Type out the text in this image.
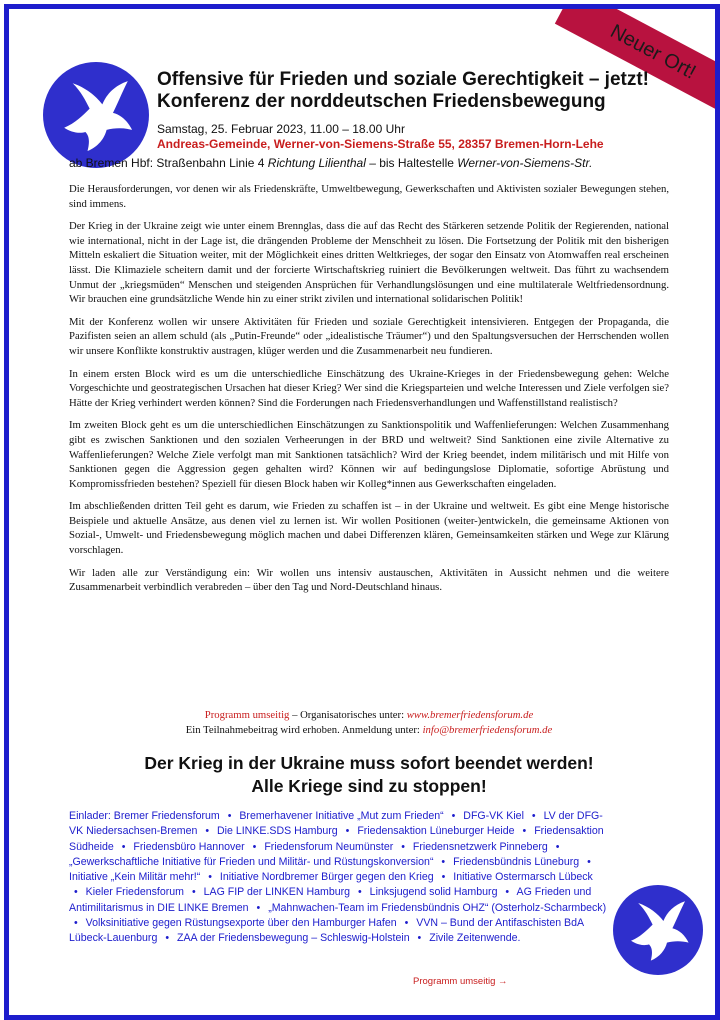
Neuer Ort!
Offensive für Frieden und soziale Gerechtigkeit – jetzt!
Konferenz der norddeutschen Friedensbewegung
Samstag, 25. Februar 2023, 11.00 – 18.00 Uhr
Andreas-Gemeinde, Werner-von-Siemens-Straße 55, 28357 Bremen-Horn-Lehe
ab Bremen Hbf: Straßenbahn Linie 4 Richtung Lilienthal – bis Haltestelle Werner-von-Siemens-Str.

Die Herausforderungen, vor denen wir als Friedenskräfte, Umweltbewegung, Gewerkschaften und Aktivisten sozialer Bewegungen stehen, sind immens.

Der Krieg in der Ukraine zeigt wie unter einem Brennglas, dass die auf das Recht des Stärkeren setzende Politik der Regierenden, national wie international, nicht in der Lage ist, die drängenden Probleme der Menschheit zu lösen. Die Fortsetzung der Politik mit den bisherigen Mitteln eskaliert die Situation weiter, mit der Möglichkeit eines dritten Weltkrieges, der sogar den Einsatz von Atomwaffen real erscheinen lässt. Die Klimaziele scheitern damit und der forcierte Wirtschaftskrieg ruiniert die Bevölkerungen weltweit. Das führt zu wachsendem Unmut der „kriegsmüden“ Menschen und steigenden Ansprüchen für Verhandlungslösungen und eine multilaterale Weltfriedensordnung. Wir brauchen eine grundsätzliche Wende hin zu einer strikt zivilen und international solidarischen Politik!

Mit der Konferenz wollen wir unsere Aktivitäten für Frieden und soziale Gerechtigkeit intensivieren. Entgegen der Propaganda, die Pazifisten seien an allem schuld (als „Putin-Freunde“ oder „idealistische Träumer“) und den Spaltungsversuchen der Herrschenden wollen wir unsere Konflikte konstruktiv austragen, klüger werden und die Zusammenarbeit neu fundieren.

In einem ersten Block wird es um die unterschiedliche Einschätzung des Ukraine-Krieges in der Friedensbewegung gehen: Welche Vorgeschichte und geostrategischen Ursachen hat dieser Krieg? Wer sind die Kriegsparteien und welche Interessen und Ziele verfolgen sie? Hätte der Krieg verhindert werden können? Sind die Forderungen nach Friedensverhandlungen und Waffenstillstand realistisch?

Im zweiten Block geht es um die unterschiedlichen Einschätzungen zu Sanktionspolitik und Waffenlieferungen: Welchen Zusammenhang gibt es zwischen Sanktionen und den sozialen Verheerungen in der BRD und weltweit? Sind Sanktionen eine zivile Alternative zu Waffenlieferungen? Welche Ziele verfolgt man mit Sanktionen tatsächlich? Wird der Krieg beendet, indem militärisch und mit Hilfe von Sanktionen gegen die Aggression gegen gehalten wird? Können wir auf bedingungslose Diplomatie, sofortige Abrüstung und Kompromissfrieden bestehen? Speziell für diesen Block haben wir Kolleg*innen aus Gewerkschaften eingeladen.

Im abschließenden dritten Teil geht es darum, wie Frieden zu schaffen ist – in der Ukraine und weltweit. Es gibt eine Menge historische Beispiele und aktuelle Ansätze, aus denen viel zu lernen ist. Wir wollen Positionen (weiter-)entwickeln, die gemeinsame Aktionen von Sozial-, Umwelt- und Friedensbewegung möglich machen und dabei Differenzen klären, Gemeinsamkeiten stärken und Wege zur Klärung vorschlagen.

Wir laden alle zur Verständigung ein: Wir wollen uns intensiv austauschen, Aktivitäten in Aussicht nehmen und die weitere Zusammenarbeit verbindlich verabreden – über den Tag und Nord-Deutschland hinaus.

Programm umseitig – Organisatorisches unter: www.bremerfriedensforum.de
Ein Teilnahmebeitrag wird erhoben. Anmeldung unter: info@bremerfriedensforum.de
Der Krieg in der Ukraine muss sofort beendet werden!
Alle Kriege sind zu stoppen!
Einlader: Bremer Friedensforum • Bremerhavener Initiative „Mut zum Frieden“ • DFG-VK Kiel • LV der DFG-VK Niedersachsen-Bremen • Die LINKE.SDS Hamburg • Friedensaktion Lüneburger Heide • Friedensaktion Südheide • Friedensbüro Hannover • Friedensforum Neumünster • Friedensnetzwerk Pinneberg • „Gewerkschaftliche Initiative für Frieden und Militär- und Rüstungskonversion“ • Friedensbündnis Lüneburg • Initiative „Kein Militär mehr!“ • Initiative Nordbremer Bürger gegen den Krieg • Initiative Ostermarsch Lübeck • Kieler Friedensforum • LAG FIP der LINKEN Hamburg • Linksjugend solid Hamburg • AG Frieden und Antimilitarismus in DIE LINKE Bremen • „Mahnwachen-Team im Friedensbündnis OHZ“ (Osterholz-Scharmbeck) • Volksinitiative gegen Rüstungsexporte über den Hamburger Hafen • VVN – Bund der Antifaschisten BdA Lübeck-Lauenburg • ZAA der Friedensbewegung – Schleswig-Holstein • Zivile Zeitenwende.
Programm umseitig →
